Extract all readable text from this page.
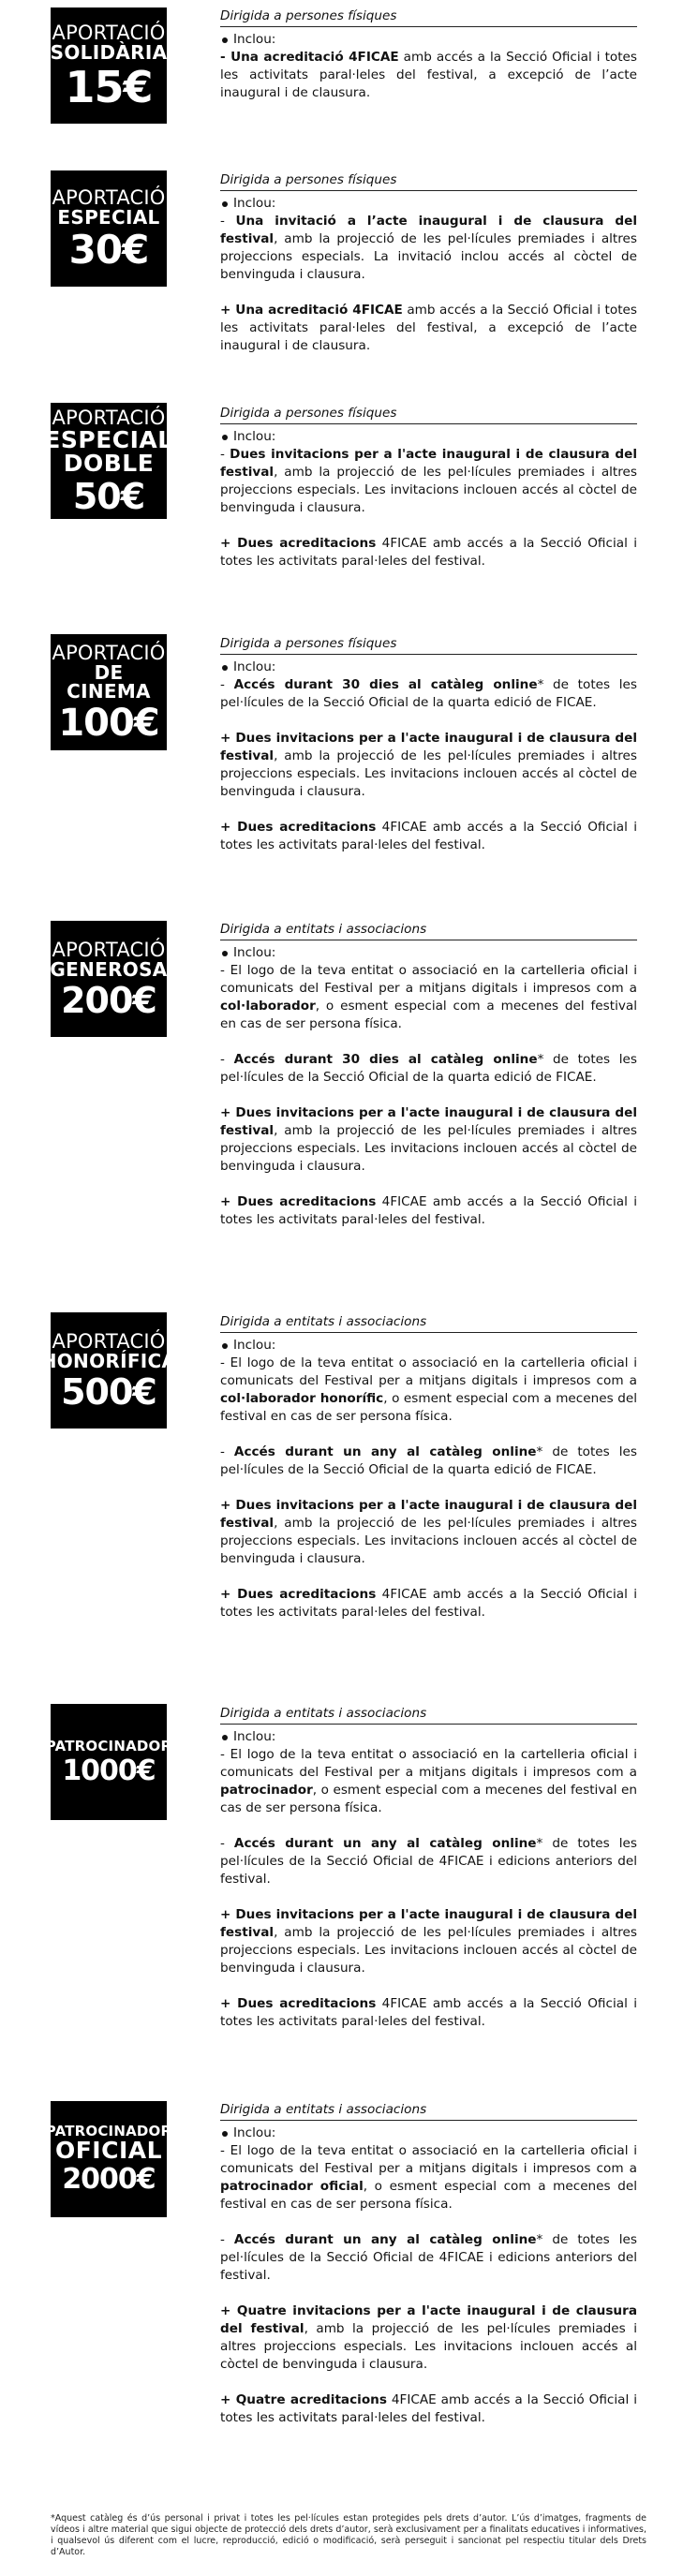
APORTACIÓ
SOLIDÀRIA
15€
Dirigida a persones físiques
Inclou:
- Una acreditació 4FICAE amb accés a la Secció Oficial i totes les activitats paral·leles del festival, a excepció de l’acte inaugural i de clausura.
APORTACIÓ
ESPECIAL
30€
Dirigida a persones físiques
Inclou:
- Una invitació a l’acte inaugural i de clausura del festival, amb la projecció de les pel·lícules premiades i altres projeccions especials. La invitació inclou accés al còctel de benvinguda i clausura.
+ Una acreditació 4FICAE amb accés a la Secció Oficial i totes les activitats paral·leles del festival, a excepció de l’acte inaugural i de clausura.
APORTACIÓ
ESPECIAL
DOBLE
50€
Dirigida a persones físiques
Inclou:
- Dues invitacions per a l'acte inaugural i de clausura del festival, amb la projecció de les pel·lícules premiades i altres projeccions especials. Les invitacions inclouen accés al còctel de benvinguda i clausura.
+ Dues acreditacions 4FICAE amb accés a la Secció Oficial i totes les activitats paral·leles del festival.
APORTACIÓ
DE CINEMA
100€
Dirigida a persones físiques
Inclou:
- Accés durant 30 dies al catàleg online* de totes les pel·lícules de la Secció Oficial de la quarta edició de FICAE.
+ Dues invitacions per a l'acte inaugural i de clausura del festival, amb la projecció de les pel·lícules premiades i altres projeccions especials. Les invitacions inclouen accés al còctel de benvinguda i clausura.
+ Dues acreditacions 4FICAE amb accés a la Secció Oficial i totes les activitats paral·leles del festival.
APORTACIÓ
GENEROSA
200€
Dirigida a entitats i associacions
Inclou:
- El logo de la teva entitat o associació en la cartelleria oficial i comunicats del Festival per a mitjans digitals i impresos com a col·laborador, o esment especial com a mecenes del festival en cas de ser persona física.
- Accés durant 30 dies al catàleg online* de totes les pel·lícules de la Secció Oficial de la quarta edició de FICAE.
+ Dues invitacions per a l'acte inaugural i de clausura del festival, amb la projecció de les pel·lícules premiades i altres projeccions especials. Les invitacions inclouen accés al còctel de benvinguda i clausura.
+ Dues acreditacions 4FICAE amb accés a la Secció Oficial i totes les activitats paral·leles del festival.
APORTACIÓ
HONORÍFICA
500€
Dirigida a entitats i associacions
Inclou:
- El logo de la teva entitat o associació en la cartelleria oficial i comunicats del Festival per a mitjans digitals i impresos com a col·laborador honorífic, o esment especial com a mecenes del festival en cas de ser persona física.
- Accés durant un any al catàleg online* de totes les pel·lícules de la Secció Oficial de la quarta edició de FICAE.
+ Dues invitacions per a l'acte inaugural i de clausura del festival, amb la projecció de les pel·lícules premiades i altres projeccions especials. Les invitacions inclouen accés al còctel de benvinguda i clausura.
+ Dues acreditacions 4FICAE amb accés a la Secció Oficial i totes les activitats paral·leles del festival.
PATROCINADOR
1000€
Dirigida a entitats i associacions
Inclou:
- El logo de la teva entitat o associació en la cartelleria oficial i comunicats del Festival per a mitjans digitals i impresos com a patrocinador, o esment especial com a mecenes del festival en cas de ser persona física.
- Accés durant un any al catàleg online* de totes les pel·lícules de la Secció Oficial de 4FICAE i edicions anteriors del festival.
+ Dues invitacions per a l'acte inaugural i de clausura del festival, amb la projecció de les pel·lícules premiades i altres projeccions especials. Les invitacions inclouen accés al còctel de benvinguda i clausura.
+ Dues acreditacions 4FICAE amb accés a la Secció Oficial i totes les activitats paral·leles del festival.
PATROCINADOR
OFICIAL
2000€
Dirigida a entitats i associacions
Inclou:
- El logo de la teva entitat o associació en la cartelleria oficial i comunicats del Festival per a mitjans digitals i impresos com a patrocinador oficial, o esment especial com a mecenes del festival en cas de ser persona física.
- Accés durant un any al catàleg online* de totes les pel·lícules de la Secció Oficial de 4FICAE i edicions anteriors del festival.
+ Quatre invitacions per a l'acte inaugural i de clausura del festival, amb la projecció de les pel·lícules premiades i altres projeccions especials. Les invitacions inclouen accés al còctel de benvinguda i clausura.
+ Quatre acreditacions 4FICAE amb accés a la Secció Oficial i totes les activitats paral·leles del festival.
*Aquest catàleg és d’ús personal i privat i totes les pel·lícules estan protegides pels drets d’autor. L’ús d’imatges, fragments de vídeos i altre material que sigui objecte de protecció dels drets d’autor, serà exclusivament per a finalitats educatives i informatives, i qualsevol ús diferent com el lucre, reproducció, edició o modificació, serà perseguit i sancionat pel respectiu titular dels Drets d’Autor.
